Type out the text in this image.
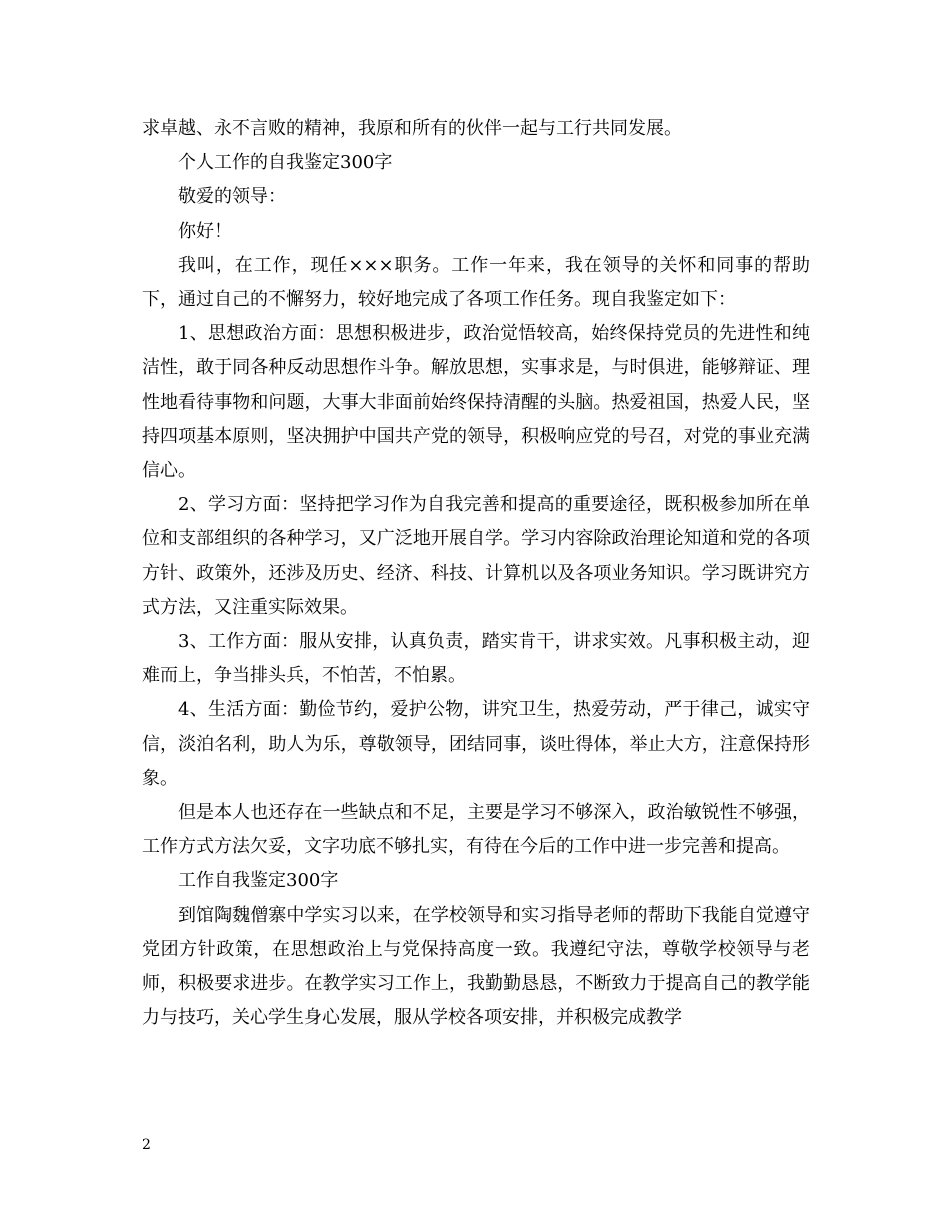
求卓越、永不言败的精神，我原和所有的伙伴一起与工行共同发展。

个人工作的自我鉴定300字

敬爱的领导：

你好！

我叫，在工作，现任×××职务。工作一年来，我在领导的关怀和同事的帮助下，通过自己的不懈努力，较好地完成了各项工作任务。现自我鉴定如下：

1、思想政治方面：思想积极进步，政治觉悟较高，始终保持党员的先进性和纯洁性，敢于同各种反动思想作斗争。解放思想，实事求是，与时俱进，能够辩证、理性地看待事物和问题，大事大非面前始终保持清醒的头脑。热爱祖国，热爱人民，坚持四项基本原则，坚决拥护中国共产党的领导，积极响应党的号召，对党的事业充满信心。

2、学习方面：坚持把学习作为自我完善和提高的重要途径，既积极参加所在单位和支部组织的各种学习，又广泛地开展自学。学习内容除政治理论知道和党的各项方针、政策外，还涉及历史、经济、科技、计算机以及各项业务知识。学习既讲究方式方法，又注重实际效果。

3、工作方面：服从安排，认真负责，踏实肯干，讲求实效。凡事积极主动，迎难而上，争当排头兵，不怕苦，不怕累。

4、生活方面：勤俭节约，爱护公物，讲究卫生，热爱劳动，严于律己，诚实守信，淡泊名利，助人为乐，尊敬领导，团结同事，谈吐得体，举止大方，注意保持形象。

但是本人也还存在一些缺点和不足，主要是学习不够深入，政治敏锐性不够强，工作方式方法欠妥，文字功底不够扎实，有待在今后的工作中进一步完善和提高。

工作自我鉴定300字

到馆陶魏僧寨中学实习以来，在学校领导和实习指导老师的帮助下我能自觉遵守党团方针政策，在思想政治上与党保持高度一致。我遵纪守法，尊敬学校领导与老师，积极要求进步。在教学实习工作上，我勤勤恳恳，不断致力于提高自己的教学能力与技巧，关心学生身心发展，服从学校各项安排，并积极完成教学

2
